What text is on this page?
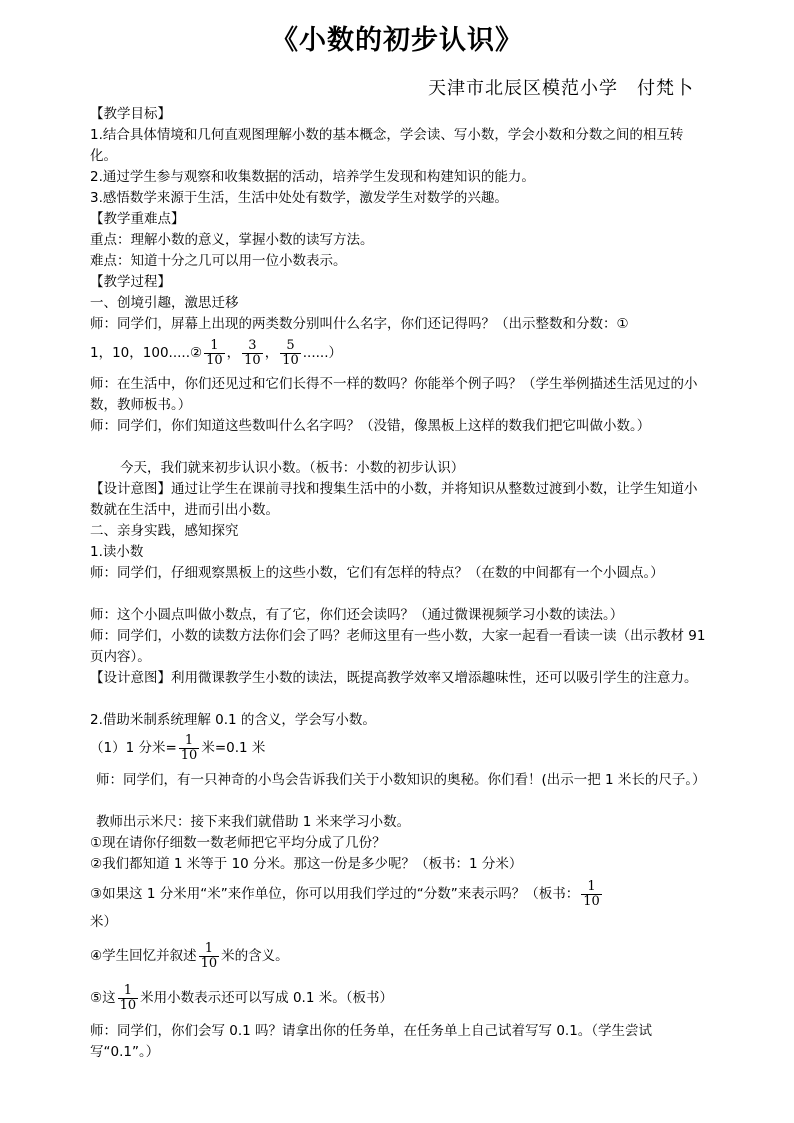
《小数的初步认识》
天津市北辰区模范小学　付梵卜
【教学目标】
1.结合具体情境和几何直观图理解小数的基本概念，学会读、写小数，学会小数和分数之间的相互转化。
2.通过学生参与观察和收集数据的活动，培养学生发现和构建知识的能力。
3.感悟数学来源于生活，生活中处处有数学，激发学生对数学的兴趣。
【教学重难点】
重点：理解小数的意义，掌握小数的读写方法。
难点：知道十分之几可以用一位小数表示。
【教学过程】
一、创境引趣，激思迁移
师：同学们，屏幕上出现的两类数分别叫什么名字，你们还记得吗？（出示整数和分数：①
1，10，100.....② $\frac{1}{10}$ ， $\frac{3}{10}$ ， $\frac{5}{10}$ ......）
师：在生活中，你们还见过和它们长得不一样的数吗？你能举个例子吗？（学生举例描述生活见过的小数，教师板书。）
师：同学们，你们知道这些数叫什么名字吗？（没错，像黑板上这样的数我们把它叫做小数。）
今天，我们就来初步认识小数。（板书：小数的初步认识）
【设计意图】通过让学生在课前寻找和搜集生活中的小数，并将知识从整数过渡到小数，让学生知道小数就在生活中，进而引出小数。
二、亲身实践，感知探究
1.读小数
师：同学们，仔细观察黑板上的这些小数，它们有怎样的特点？（在数的中间都有一个小圆点。）
师：这个小圆点叫做小数点，有了它，你们还会读吗？（通过微课视频学习小数的读法。）
师：同学们，小数的读数方法你们会了吗？老师这里有一些小数，大家一起看一看读一读（出示教材 91 页内容）。
【设计意图】利用微课教学生小数的读法，既提高教学效率又增添趣味性，还可以吸引学生的注意力。
2.借助米制系统理解 0.1 的含义，学会写小数。
（1）1 分米= $\frac{1}{10}$ 米=0.1 米
师：同学们，有一只神奇的小鸟会告诉我们关于小数知识的奥秘。你们看！(出示一把 1 米长的尺子。）
教师出示米尺：接下来我们就借助 1 米来学习小数。
①现在请你仔细数一数老师把它平均分成了几份？
②我们都知道 1 米等于 10 分米。那这一份是多少呢？（板书：1 分米）
③如果这 1 分米用“米”来作单位，你可以用我们学过的“分数”来表示吗？（板书： $\frac{1}{10}$
米）
④学生回忆并叙述 $\frac{1}{10}$ 米的含义。
⑤这 $\frac{1}{10}$ 米用小数表示还可以写成 0.1 米。（板书）
师：同学们，你们会写 0.1 吗？请拿出你的任务单，在任务单上自己试着写写 0.1。（学生尝试写“0.1”。）
